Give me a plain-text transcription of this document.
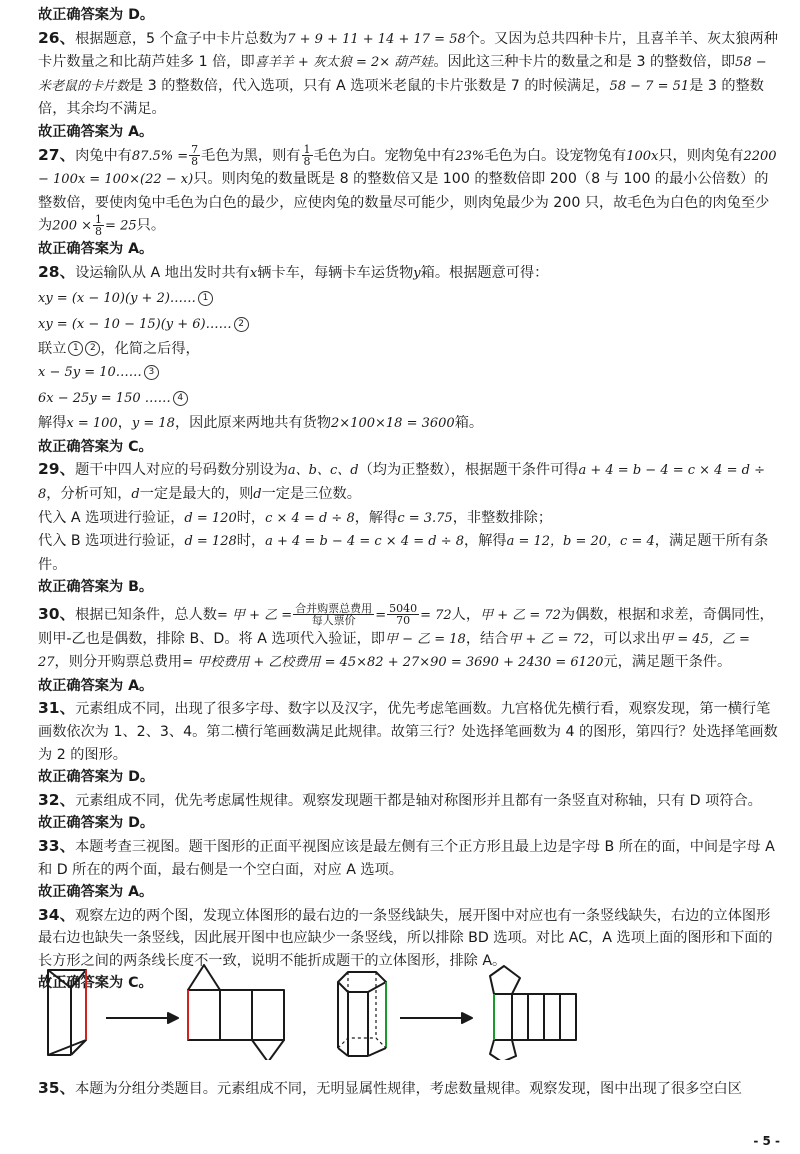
故正确答案为 D。

26、根据题意，5 个盒子中卡片总数为7 + 9 + 11 + 14 + 17 = 58个。又因为总共四种卡片，且喜羊羊、灰太狼两种卡片数量之和比葫芦娃多 1 倍，即喜羊羊 + 灰太狼 = 2× 葫芦娃。因此这三种卡片的数量之和是 3 的整数倍，即58 − 米老鼠的卡片数是 3 的整数倍，代入选项，只有 A 选项米老鼠的卡片张数是 7 的时候满足，58 − 7 = 51是 3 的整数倍，其余均不满足。

故正确答案为 A。

27、肉兔中有$87.5\% = \frac{7}{8}$ 毛色为黑，则有 $\frac{1}{8}$ 毛色为白。宠物兔中有23%毛色为白。设宠物兔有100x只，则肉兔有2200 − 100x = 100×(22 − x)只。则肉兔的数量既是 8 的整数倍又是 100 的整数倍即 200（8 与 100 的最小公倍数）的整数倍，要使肉兔中毛色为白色的最少，应使肉兔的数量尽可能少，则肉兔最少为 200 只，故毛色为白色的肉兔至少为$200 \times \frac{1}{8} = 25$只。

故正确答案为 A。

28、设运输队从 A 地出发时共有x辆卡车，每辆卡车运货物y箱。根据题意可得：

xy = (x − 10)(y + 2)…… 1

xy = (x − 10 − 15)(y + 6)…… 2

联立 1 2 ，化简之后得，

x − 5y = 10…… 3

6x − 25y = 150 …… 4

解得x = 100，y = 18，因此原来两地共有货物2×100×18 = 3600箱。

故正确答案为 C。

29、题干中四人对应的号码数分别设为a、b、c、d（均为正整数），根据题干条件可得a + 4 = b − 4 = c × 4 = d ÷ 8，分析可知，d一定是最大的，则d一定是三位数。

代入 A 选项进行验证，d = 120时，c × 4 = d ÷ 8，解得c = 3.75，非整数排除；

代入 B 选项进行验证，d = 128时，a + 4 = b − 4 = c × 4 = d ÷ 8，解得a = 12，b = 20，c = 4，满足题干所有条件。

故正确答案为 B。

30、根据已知条件，总人数= 甲 + 乙 = $\frac{\text{合并购票总费用}}{\text{每人票价}} = \frac{5040}{70} = 72$人，甲 + 乙 = 72为偶数，根据和求差，奇偶同性，则甲-乙也是偶数，排除 B、D。将 A 选项代入验证，即甲 − 乙 = 18，结合甲 + 乙 = 72，可以求出甲 = 45，乙 = 27，则分开购票总费用= 甲校费用 + 乙校费用 = 45×82 + 27×90 = 3690 + 2430 = 6120元，满足题干条件。

故正确答案为 A。

31、元素组成不同，出现了很多字母、数字以及汉字，优先考虑笔画数。九宫格优先横行看，观察发现，第一横行笔画数依次为 1、2、3、4。第二横行笔画数满足此规律。故第三行？处选择笔画数为 4 的图形，第四行？处选择笔画数为 2 的图形。

故正确答案为 D。

32、元素组成不同，优先考虑属性规律。观察发现题干都是轴对称图形并且都有一条竖直对称轴，只有 D 项符合。

故正确答案为 D。

33、本题考查三视图。题干图形的正面平视图应该是最左侧有三个正方形且最上边是字母 B 所在的面，中间是字母 A 和 D 所在的两个面，最右侧是一个空白面，对应 A 选项。

故正确答案为 A。

34、观察左边的两个图，发现立体图形的最右边的一条竖线缺失，展开图中对应也有一条竖线缺失，右边的立体图形最右边也缺失一条竖线，因此展开图中也应缺少一条竖线，所以排除 BD 选项。对比 AC，A 选项上面的图形和下面的长方形之间的两条线长度不一致，说明不能折成题干的立体图形，排除 A。

故正确答案为 C。

35、本题为分组分类题目。元素组成不同，无明显属性规律，考虑数量规律。观察发现，图中出现了很多空白区

- 5 -
